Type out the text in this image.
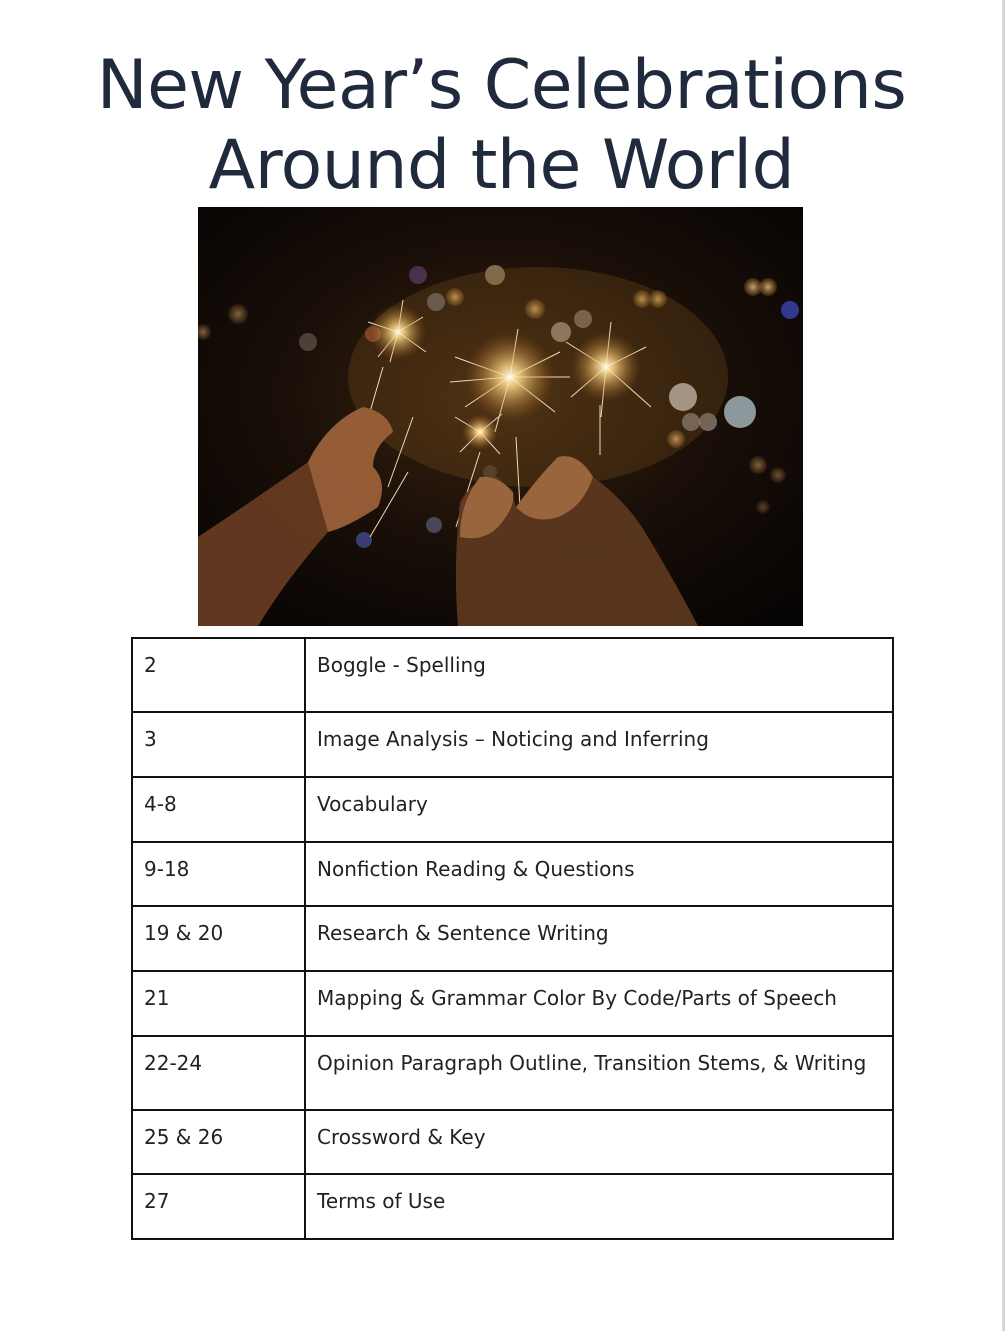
New Year’s Celebrations
Around the World
2	Boggle - Spelling
3	Image Analysis – Noticing and Inferring
4-8	Vocabulary
9-18	Nonfiction Reading & Questions
19 & 20	Research & Sentence Writing
21	Mapping & Grammar Color By Code/Parts of Speech
22-24	Opinion Paragraph Outline, Transition Stems, & Writing
25 & 26	Crossword & Key
27	Terms of Use
